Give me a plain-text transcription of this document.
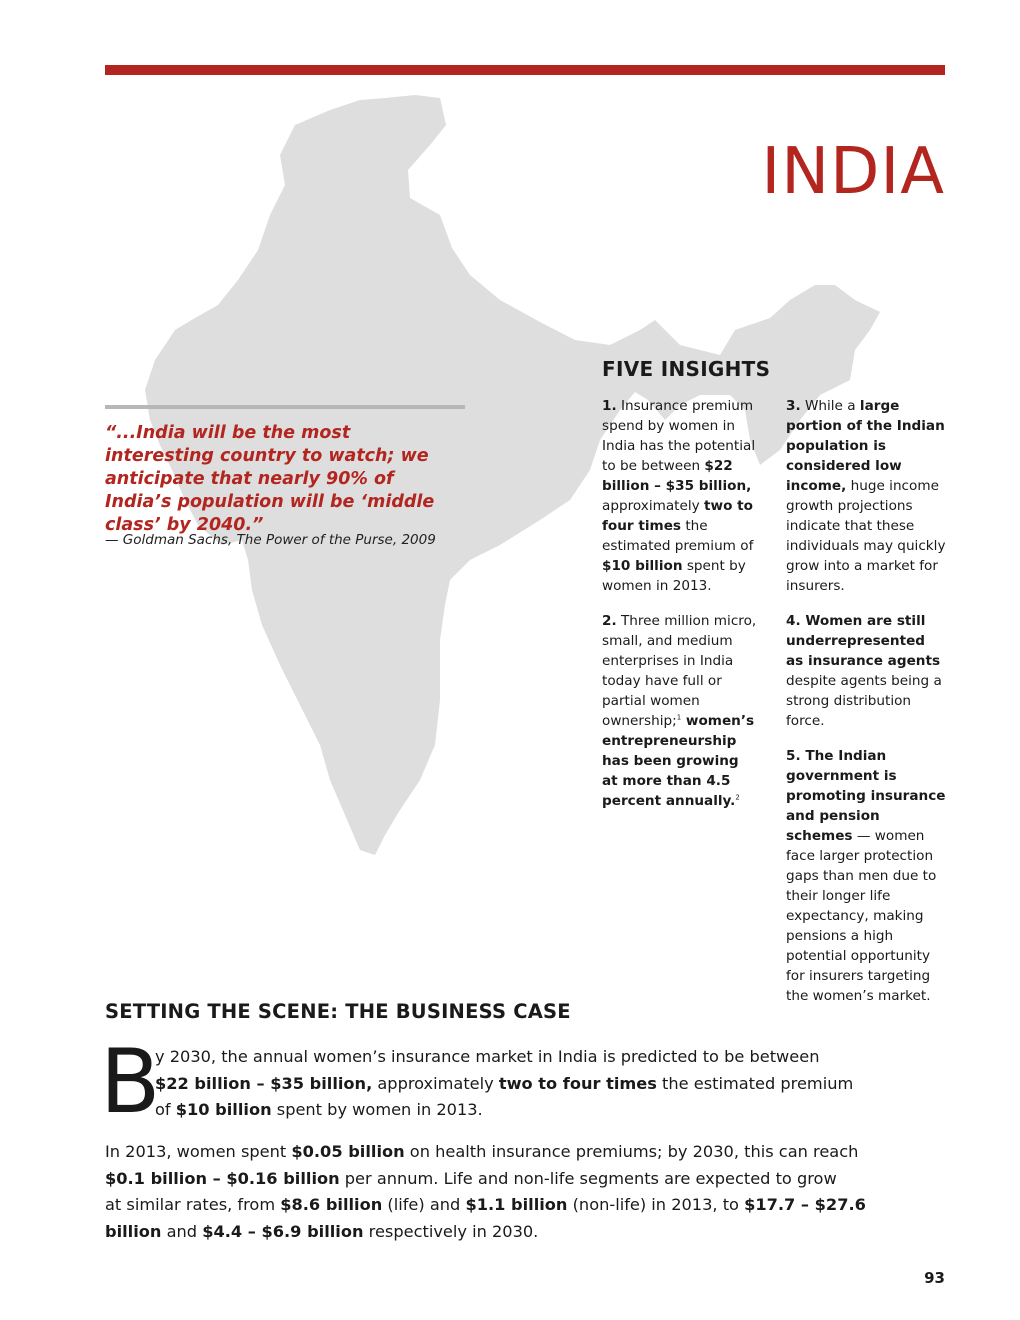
INDIA
“...India will be the most interesting country to watch; we anticipate that nearly 90% of India’s population will be ‘middle class’ by 2040.”
— Goldman Sachs, The Power of the Purse, 2009
FIVE INSIGHTS

1. Insurance premium spend by women in India has the potential to be between $22 billion – $35 billion, approximately two to four times the estimated premium of $10 billion spent by women in 2013.

2. Three million micro, small, and medium enterprises in India today have full or partial women ownership;$^1$ women’s entrepreneurship has been growing at more than 4.5 percent annually.$^2$

3. While a large portion of the Indian population is considered low income, huge income growth projections indicate that these individuals may quickly grow into a market for insurers.

4. Women are still underrepresented as insurance agents despite agents being a strong distribution force.

5. The Indian government is promoting insurance and pension schemes — women face larger protection gaps than men due to their longer life expectancy, making pensions a high potential opportunity for insurers targeting the women’s market.

SETTING THE SCENE: THE BUSINESS CASE
B
y 2030, the annual women’s insurance market in India is predicted to be between
$22 billion – $35 billion, approximately two to four times the estimated premium
of $10 billion spent by women in 2013.
In 2013, women spent $0.05 billion on health insurance premiums; by 2030, this can reach
$0.1 billion – $0.16 billion per annum. Life and non-life segments are expected to grow
at similar rates, from $8.6 billion (life) and $1.1 billion (non-life) in 2013, to $17.7 – $27.6
billion and $4.4 – $6.9 billion respectively in 2030.
93
